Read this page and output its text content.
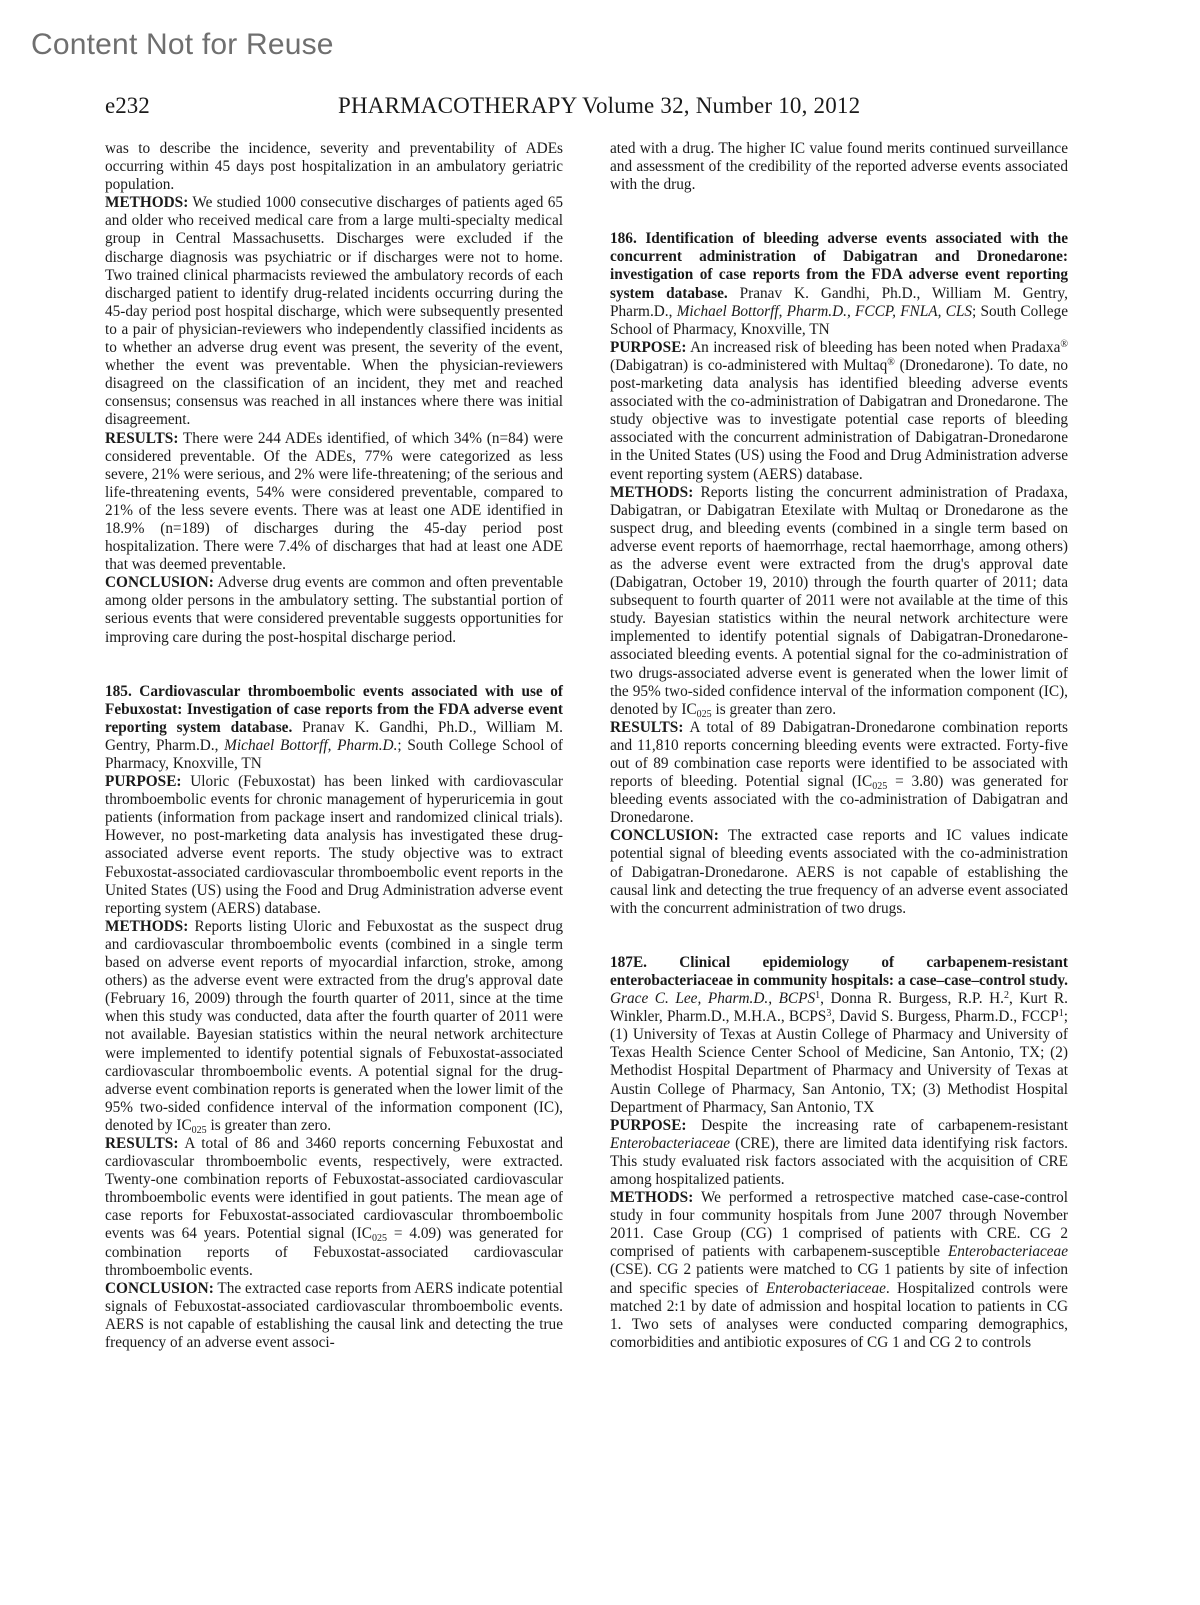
Content Not for Reuse
e232	PHARMACOTHERAPY Volume 32, Number 10, 2012

was to describe the incidence, severity and preventability of ADEs occurring within 45 days post hospitalization in an ambulatory geriatric population.

METHODS: We studied 1000 consecutive discharges of patients aged 65 and older who received medical care from a large multi-specialty medical group in Central Massachusetts. Discharges were excluded if the discharge diagnosis was psychiatric or if discharges were not to home. Two trained clinical pharmacists reviewed the ambulatory records of each discharged patient to identify drug-related incidents occurring during the 45-day period post hospital discharge, which were subsequently presented to a pair of physician-reviewers who independently classified incidents as to whether an adverse drug event was present, the severity of the event, whether the event was preventable. When the physician-reviewers disagreed on the classification of an incident, they met and reached consensus; consensus was reached in all instances where there was initial disagreement.

RESULTS: There were 244 ADEs identified, of which 34% (n=84) were considered preventable. Of the ADEs, 77% were categorized as less severe, 21% were serious, and 2% were life-threatening; of the serious and life-threatening events, 54% were considered preventable, compared to 21% of the less severe events. There was at least one ADE identified in 18.9% (n=189) of discharges during the 45-day period post hospitalization. There were 7.4% of discharges that had at least one ADE that was deemed preventable.

CONCLUSION: Adverse drug events are common and often preventable among older persons in the ambulatory setting. The substantial portion of serious events that were considered preventable suggests opportunities for improving care during the post-hospital discharge period.

185. Cardiovascular thromboembolic events associated with use of Febuxostat: Investigation of case reports from the FDA adverse event reporting system database. Pranav K. Gandhi, Ph.D., William M. Gentry, Pharm.D., Michael Bottorff, Pharm.D.; South College School of Pharmacy, Knoxville, TN

PURPOSE: Uloric (Febuxostat) has been linked with cardiovascular thromboembolic events for chronic management of hyperuricemia in gout patients (information from package insert and randomized clinical trials). However, no post-marketing data analysis has investigated these drug-associated adverse event reports. The study objective was to extract Febuxostat-associated cardiovascular thromboembolic event reports in the United States (US) using the Food and Drug Administration adverse event reporting system (AERS) database.

METHODS: Reports listing Uloric and Febuxostat as the suspect drug and cardiovascular thromboembolic events (combined in a single term based on adverse event reports of myocardial infarction, stroke, among others) as the adverse event were extracted from the drug's approval date (February 16, 2009) through the fourth quarter of 2011, since at the time when this study was conducted, data after the fourth quarter of 2011 were not available. Bayesian statistics within the neural network architecture were implemented to identify potential signals of Febuxostat-associated cardiovascular thromboembolic events. A potential signal for the drug-adverse event combination reports is generated when the lower limit of the 95% two-sided confidence interval of the information component (IC), denoted by $IC_{025}$ is greater than zero.

RESULTS: A total of 86 and 3460 reports concerning Febuxostat and cardiovascular thromboembolic events, respectively, were extracted. Twenty-one combination reports of Febuxostat-associated cardiovascular thromboembolic events were identified in gout patients. The mean age of case reports for Febuxostat-associated cardiovascular thromboembolic events was 64 years. Potential signal $(IC_{025} = 4.09)$ was generated for combination reports of Febuxostat-associated cardiovascular thromboembolic events.

CONCLUSION: The extracted case reports from AERS indicate potential signals of Febuxostat-associated cardiovascular thromboembolic events. AERS is not capable of establishing the causal link and detecting the true frequency of an adverse event associ-

ated with a drug. The higher IC value found merits continued surveillance and assessment of the credibility of the reported adverse events associated with the drug.

186. Identification of bleeding adverse events associated with the concurrent administration of Dabigatran and Dronedarone: investigation of case reports from the FDA adverse event reporting system database. Pranav K. Gandhi, Ph.D., William M. Gentry, Pharm.D., Michael Bottorff, Pharm.D., FCCP, FNLA, CLS; South College School of Pharmacy, Knoxville, TN

PURPOSE: An increased risk of bleeding has been noted when Pradaxa® (Dabigatran) is co-administered with Multaq® (Dronedarone). To date, no post-marketing data analysis has identified bleeding adverse events associated with the co-administration of Dabigatran and Dronedarone. The study objective was to investigate potential case reports of bleeding associated with the concurrent administration of Dabigatran-Dronedarone in the United States (US) using the Food and Drug Administration adverse event reporting system (AERS) database.

METHODS: Reports listing the concurrent administration of Pradaxa, Dabigatran, or Dabigatran Etexilate with Multaq or Dronedarone as the suspect drug, and bleeding events (combined in a single term based on adverse event reports of haemorrhage, rectal haemorrhage, among others) as the adverse event were extracted from the drug's approval date (Dabigatran, October 19, 2010) through the fourth quarter of 2011; data subsequent to fourth quarter of 2011 were not available at the time of this study. Bayesian statistics within the neural network architecture were implemented to identify potential signals of Dabigatran-Dronedarone-associated bleeding events. A potential signal for the co-administration of two drugs-associated adverse event is generated when the lower limit of the 95% two-sided confidence interval of the information component (IC), denoted by $IC_{025}$ is greater than zero.

RESULTS: A total of 89 Dabigatran-Dronedarone combination reports and 11,810 reports concerning bleeding events were extracted. Forty-five out of 89 combination case reports were identified to be associated with reports of bleeding. Potential signal $(IC_{025} = 3.80)$ was generated for bleeding events associated with the co-administration of Dabigatran and Dronedarone.

CONCLUSION: The extracted case reports and IC values indicate potential signal of bleeding events associated with the co-administration of Dabigatran-Dronedarone. AERS is not capable of establishing the causal link and detecting the true frequency of an adverse event associated with the concurrent administration of two drugs.

187E. Clinical epidemiology of carbapenem-resistant enterobacteriaceae in community hospitals: a case–case–control study. Grace C. Lee, Pharm.D., BCPS$^1$, Donna R. Burgess, R.P. H.$^2$, Kurt R. Winkler, Pharm.D., M.H.A., BCPS$^3$, David S. Burgess, Pharm.D., FCCP$^1$; (1) University of Texas at Austin College of Pharmacy and University of Texas Health Science Center School of Medicine, San Antonio, TX; (2) Methodist Hospital Department of Pharmacy and University of Texas at Austin College of Pharmacy, San Antonio, TX; (3) Methodist Hospital Department of Pharmacy, San Antonio, TX

PURPOSE: Despite the increasing rate of carbapenem-resistant Enterobacteriaceae (CRE), there are limited data identifying risk factors. This study evaluated risk factors associated with the acquisition of CRE among hospitalized patients.

METHODS: We performed a retrospective matched case-case-control study in four community hospitals from June 2007 through November 2011. Case Group (CG) 1 comprised of patients with CRE. CG 2 comprised of patients with carbapenem-susceptible Enterobacteriaceae (CSE). CG 2 patients were matched to CG 1 patients by site of infection and specific species of Enterobacteriaceae. Hospitalized controls were matched 2:1 by date of admission and hospital location to patients in CG 1. Two sets of analyses were conducted comparing demographics, comorbidities and antibiotic exposures of CG 1 and CG 2 to controls
